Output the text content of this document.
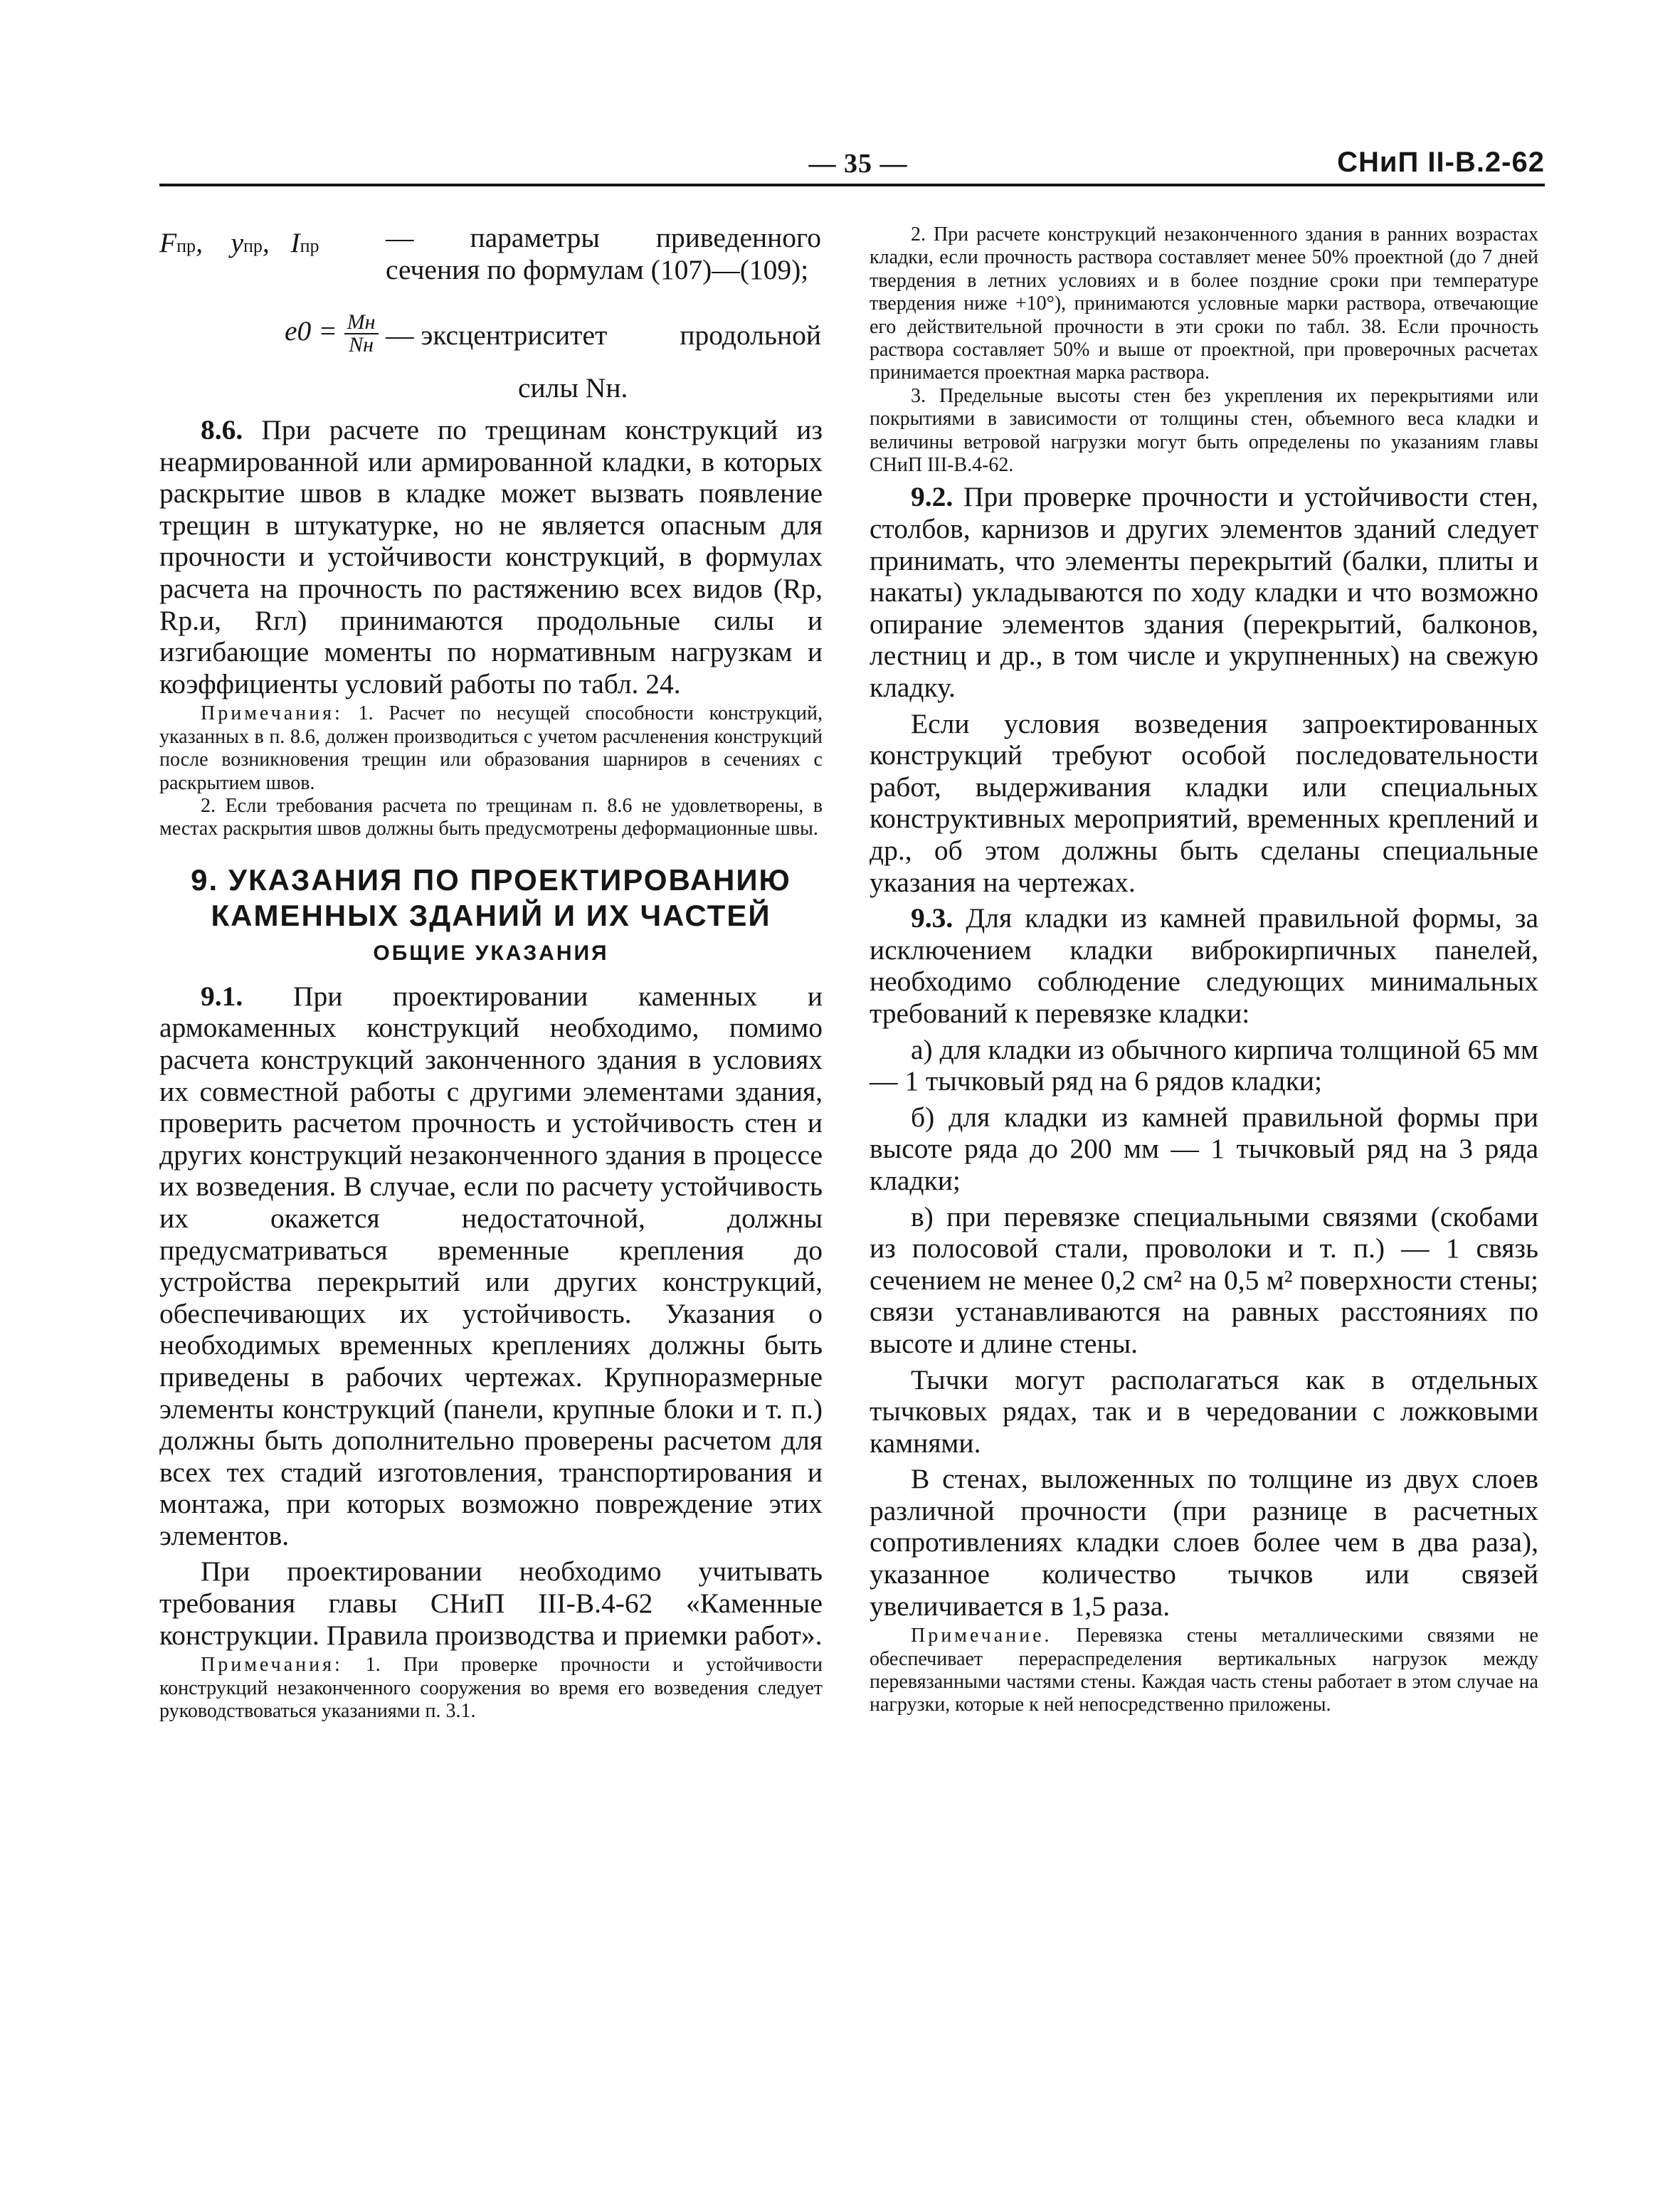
— 35 —	СНиП II-В.2-62
Fпр,    yпр,   Iпр — параметры приведенного сечения по формулам (107)—(109);
$e0 = \frac{Mн}{Nн}$ — эксцентриситет	продольной
силы Nн.

8.6. При расчете по трещинам конструкций из неармированной или армированной кладки, в которых раскрытие швов в кладке может вызвать появление трещин в штукатурке, но не является опасным для прочности и устойчивости конструкций, в формулах расчета на прочность по растяжению всех видов (Rр, Rр.и, Rгл) принимаются продольные силы и изгибающие моменты по нормативным нагрузкам и коэффициенты условий работы по табл. 24.

Примечания: 1. Расчет по несущей способности конструкций, указанных в п. 8.6, должен производиться с учетом расчленения конструкций после возникновения трещин или образования шарниров в сечениях с раскрытием швов.

2. Если требования расчета по трещинам п. 8.6 не удовлетворены, в местах раскрытия швов должны быть предусмотрены деформационные швы.

9. УКАЗАНИЯ ПО ПРОЕКТИРОВАНИЮ

КАМЕННЫХ ЗДАНИЙ И ИХ ЧАСТЕЙ

ОБЩИЕ УКАЗАНИЯ

9.1. При проектировании каменных и армокаменных конструкций необходимо, помимо расчета конструкций законченного здания в условиях их совместной работы с другими элементами здания, проверить расчетом прочность и устойчивость стен и других конструкций незаконченного здания в процессе их возведения. В случае, если по расчету устойчивость их окажется недостаточной, должны предусматриваться временные крепления до устройства перекрытий или других конструкций, обеспечивающих их устойчивость. Указания о необходимых временных креплениях должны быть приведены в рабочих чертежах. Крупноразмерные элементы конструкций (панели, крупные блоки и т. п.) должны быть дополнительно проверены расчетом для всех тех стадий изготовления, транспортирования и монтажа, при которых возможно повреждение этих элементов.

При проектировании необходимо учитывать требования главы СНиП III-В.4-62 «Каменные конструкции. Правила производства и приемки работ».

Примечания: 1. При проверке прочности и устойчивости конструкций незаконченного сооружения во время его возведения следует руководствоваться указаниями п. 3.1.

2. При расчете конструкций незаконченного здания в ранних возрастах кладки, если прочность раствора составляет менее 50% проектной (до 7 дней твердения в летних условиях и в более поздние сроки при температуре твердения ниже +10°), принимаются условные марки раствора, отвечающие его действительной прочности в эти сроки по табл. 38. Если прочность раствора составляет 50% и выше от проектной, при проверочных расчетах принимается проектная марка раствора.

3. Предельные высоты стен без укрепления их перекрытиями или покрытиями в зависимости от толщины стен, объемного веса кладки и величины ветровой нагрузки могут быть определены по указаниям главы СНиП III-В.4-62.

9.2. При проверке прочности и устойчивости стен, столбов, карнизов и других элементов зданий следует принимать, что элементы перекрытий (балки, плиты и накаты) укладываются по ходу кладки и что возможно опирание элементов здания (перекрытий, балконов, лестниц и др., в том числе и укрупненных) на свежую кладку.

Если условия возведения запроектированных конструкций требуют особой последовательности работ, выдерживания кладки или специальных конструктивных мероприятий, временных креплений и др., об этом должны быть сделаны специальные указания на чертежах.

9.3. Для кладки из камней правильной формы, за исключением кладки виброкирпичных панелей, необходимо соблюдение следующих минимальных требований к перевязке кладки:

а) для кладки из обычного кирпича толщиной 65 мм — 1 тычковый ряд на 6 рядов кладки;

б) для кладки из камней правильной формы при высоте ряда до 200 мм — 1 тычковый ряд на 3 ряда кладки;

в) при перевязке специальными связями (скобами из полосовой стали, проволоки и т. п.) — 1 связь сечением не менее 0,2 см² на 0,5 м² поверхности стены; связи устанавливаются на равных расстояниях по высоте и длине стены.

Тычки могут располагаться как в отдельных тычковых рядах, так и в чередовании с ложковыми камнями.

В стенах, выложенных по толщине из двух слоев различной прочности (при разнице в расчетных сопротивлениях кладки слоев более чем в два раза), указанное количество тычков или связей увеличивается в 1,5 раза.

Примечание. Перевязка стены металлическими связями не обеспечивает перераспределения вертикальных нагрузок между перевязанными частями стены. Каждая часть стены работает в этом случае на нагрузки, которые к ней непосредственно приложены.
